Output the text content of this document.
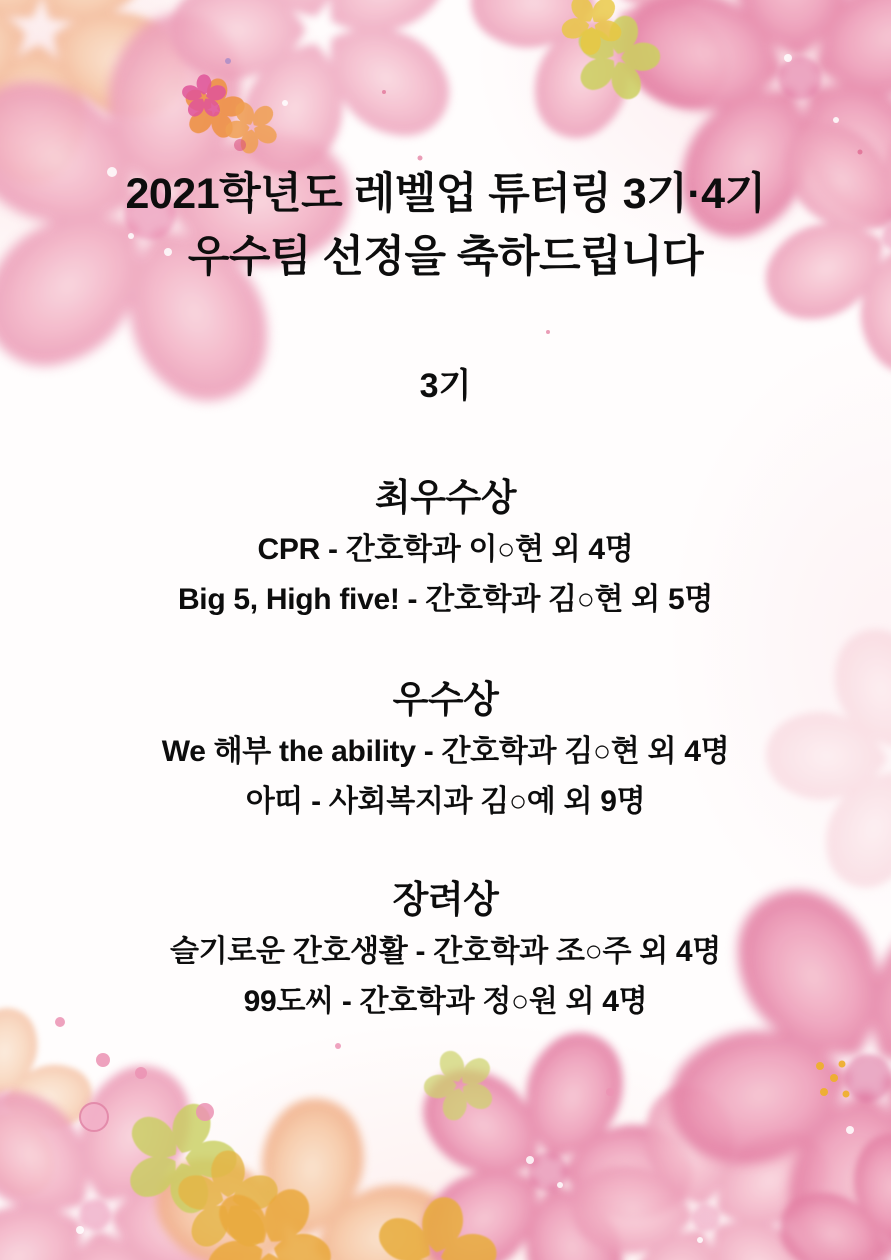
2021학년도 레벨업 튜터링 3기·4기
우수팀 선정을 축하드립니다
3기
최우수상

CPR - 간호학과 이○현 외 4명

Big 5, High five! - 간호학과 김○현 외 5명

우수상

We 해부 the ability - 간호학과 김○현 외 4명

아띠 - 사회복지과 김○예 외 9명

장려상

슬기로운 간호생활 - 간호학과 조○주 외 4명

99도씨 - 간호학과 정○원 외 4명
